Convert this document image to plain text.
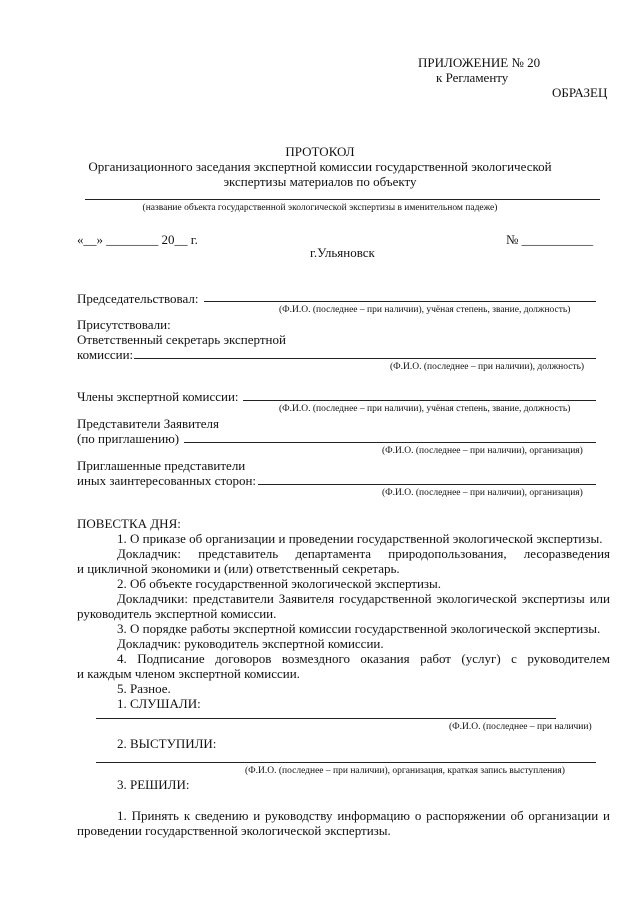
ПРИЛОЖЕНИЕ № 20
к Регламенту
ОБРАЗЕЦ
ПРОТОКОЛ
Организационного заседания экспертной комиссии государственной экологической
экспертизы материалов по объекту
(название объекта государственной экологической экспертизы в именительном падеже)
«__» ________ 20__ г.	№ ___________
г.Ульяновск
Председательствовал:
(Ф.И.О. (последнее – при наличии), учёная степень, звание, должность)
Присутствовали:
Ответственный секретарь экспертной
комиссии:
(Ф.И.О. (последнее – при наличии), должность)
Члены экспертной комиссии:
(Ф.И.О. (последнее – при наличии), учёная степень, звание, должность)
Представители Заявителя
(по приглашению)
(Ф.И.О. (последнее – при наличии), организация)
Приглашенные представители
иных заинтересованных сторон:
(Ф.И.О. (последнее – при наличии), организация)
ПОВЕСТКА ДНЯ:
1. О приказе об организации и проведении государственной экологической экспертизы.
Докладчик: представитель департамента природопользования, лесоразведения
и цикличной экономики и (или) ответственный секретарь.
2. Об объекте государственной экологической экспертизы.
Докладчики: представители Заявителя государственной экологической экспертизы или
руководитель экспертной комиссии.
3. О порядке работы экспертной комиссии государственной экологической экспертизы.
Докладчик: руководитель экспертной комиссии.
4. Подписание договоров возмездного оказания работ (услуг) с руководителем
и каждым членом экспертной комиссии.
5. Разное.
1. СЛУШАЛИ:
(Ф.И.О. (последнее – при наличии)
2. ВЫСТУПИЛИ:
(Ф.И.О. (последнее – при наличии), организация, краткая запись выступления)
3. РЕШИЛИ:
1. Принять к сведению и руководству информацию о распоряжении об организации и
проведении государственной экологической экспертизы.
